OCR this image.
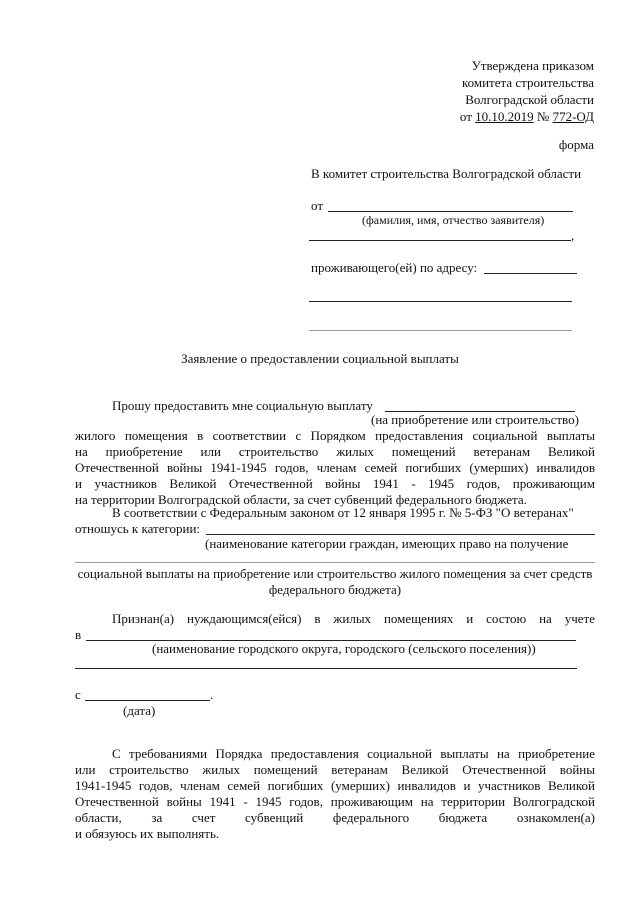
Утверждена приказом
комитета строительства
Волгоградской области
от 10.10.2019 № 772-ОД
форма
В комитет строительства Волгоградской области
от
(фамилия, имя, отчество заявителя)
,
проживающего(ей) по адресу:
Заявление о предоставлении социальной выплаты
Прошу предоставить мне социальную выплату
(на приобретение или строительство)
жилого помещения в соответствии с Порядком предоставления социальной выплаты
на приобретение или строительство жилых помещений ветеранам Великой
Отечественной войны 1941-1945 годов, членам семей погибших (умерших) инвалидов
и участников Великой Отечественной войны 1941 - 1945 годов, проживающим
на территории Волгоградской области, за счет субвенций федерального бюджета.
В соответствии с Федеральным законом от 12 января 1995 г. № 5-ФЗ "О ветеранах"
отношусь к категории:
(наименование категории граждан, имеющих право на получение
социальной выплаты на приобретение или строительство жилого помещения за счет средств
федерального бюджета)
Признан(а) нуждающимся(ейся) в жилых помещениях и состою на учете
в
(наименование городского округа, городского (сельского поселения))
с	.
(дата)
С требованиями Порядка предоставления социальной выплаты на приобретение
или строительство жилых помещений ветеранам Великой Отечественной войны
1941-1945 годов, членам семей погибших (умерших) инвалидов и участников Великой
Отечественной войны 1941 - 1945 годов, проживающим на территории Волгоградской
области, за счет субвенций федерального бюджета ознакомлен(а)
и обязуюсь их выполнять.
